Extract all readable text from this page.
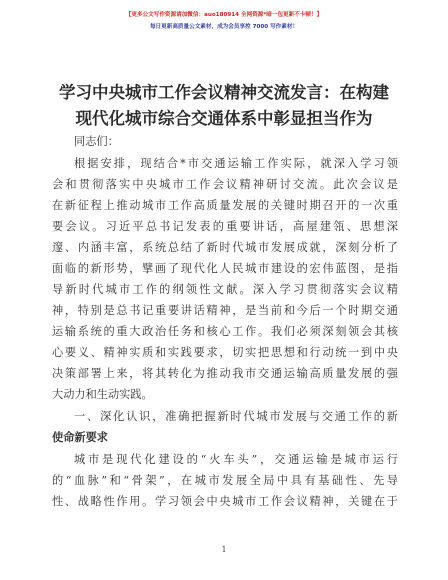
【更多公文写作资源请加微信：auo180914 全网资源*暗一包更新不卡顿！】
每日更新高质量公文素材，成为会员享控 7000 写作素材！
学习中央城市工作会议精神交流发言：在构建
现代化城市综合交通体系中彰显担当作为
同志们：
根据安排，现结合*市交通运输工作实际，就深入学习领
会和贯彻落实中央城市工作会议精神研讨交流。此次会议是
在新征程上推动城市工作高质量发展的关键时期召开的一次重
要会议。习近平总书记发表的重要讲话，高屋建瓴、思想深
邃、内涵丰富，系统总结了新时代城市发展成就，深刻分析了
面临的新形势，擘画了现代化人民城市建设的宏伟蓝图，是指
导新时代城市工作的纲领性文献。深入学习贯彻落实会议精
神，特别是总书记重要讲话精神，是当前和今后一个时期交通
运输系统的重大政治任务和核心工作。我们必须深刻领会其核
心要义、精神实质和实践要求，切实把思想和行动统一到中央
决策部署上来，将其转化为推动我市交通运输高质量发展的强
大动力和生动实践。
一、深化认识，准确把握新时代城市发展与交通工作的新
使命新要求
城市是现代化建设的“火车头”，交通运输是城市运行
的“血脉”和“骨架”，在城市发展全局中具有基础性、先导
性、战略性作用。学习领会中央城市工作会议精神，关键在于
1
